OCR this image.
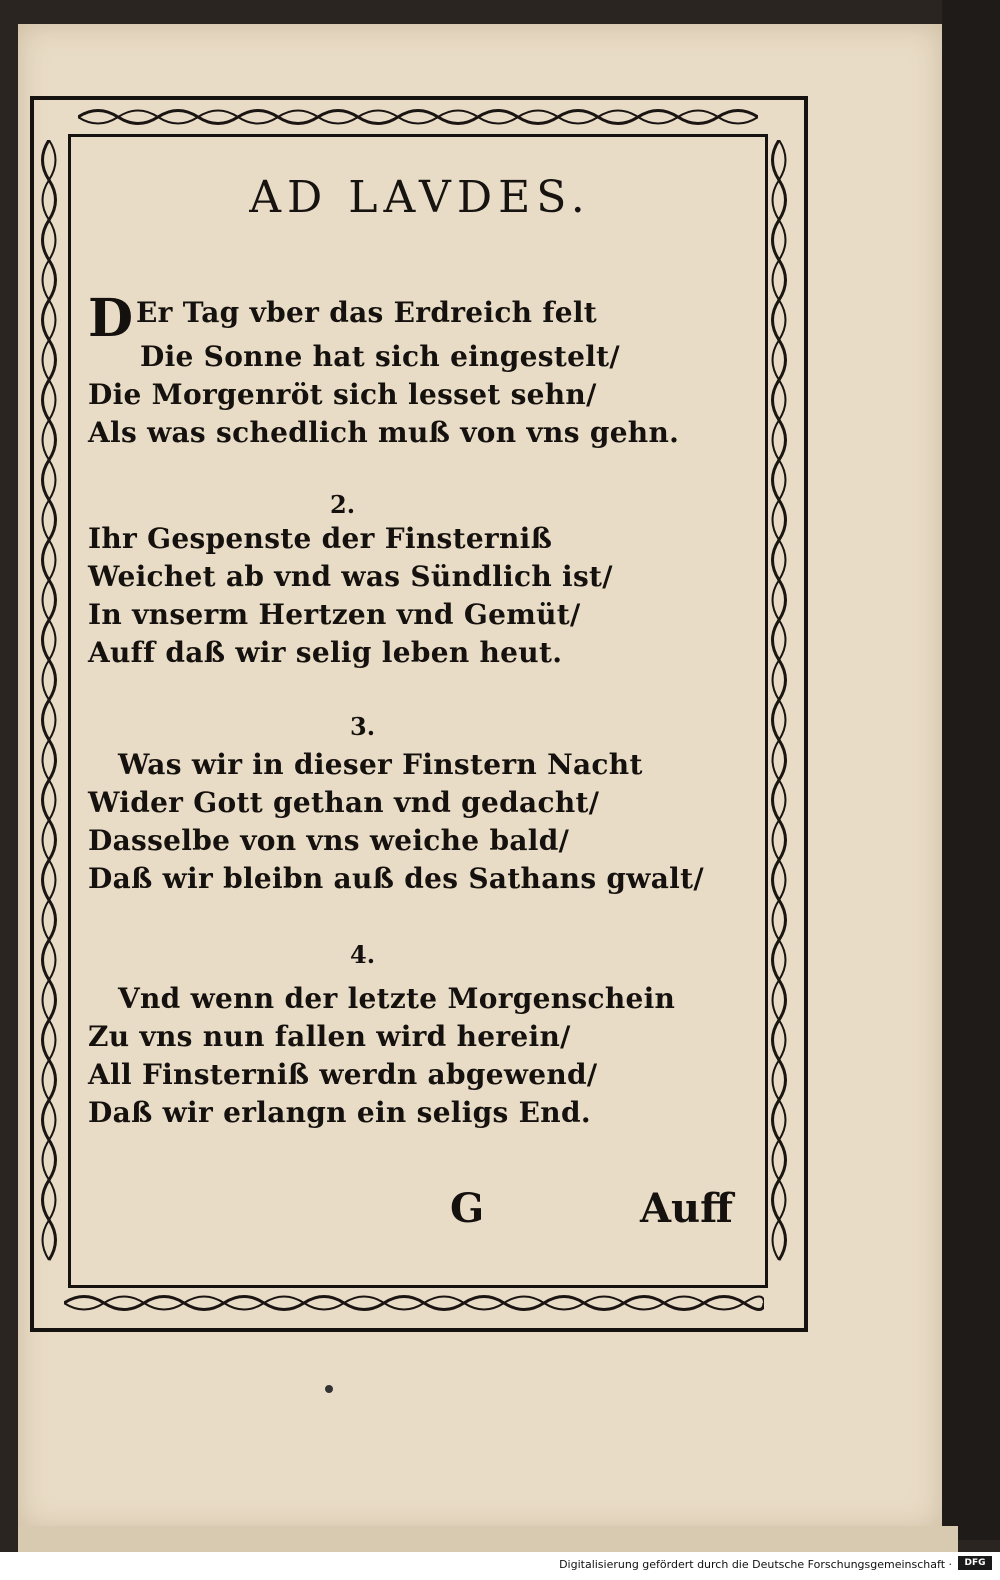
AD LAVDES.
DEr Tag vber das Erdreich felt
Die Sonne hat sich eingestelt/
Die Morgenröt sich lesset sehn/
Als was schedlich muß von vns gehn.
2.
Ihr Gespenste der Finsterniß
Weichet ab vnd was Sündlich ist/
In vnserm Hertzen vnd Gemüt/
Auff daß wir selig leben heut.
3.
Was wir in dieser Finstern Nacht
Wider Gott gethan vnd gedacht/
Dasselbe von vns weiche bald/
Daß wir bleibn auß des Sathans gwalt/
4.
Vnd wenn der letzte Morgenschein
Zu vns nun fallen wird herein/
All Finsterniß werdn abgewend/
Daß wir erlangn ein seligs End.
G	Auff
Digitalisierung gefördert durch die Deutsche Forschungsgemeinschaft ·	DFG
